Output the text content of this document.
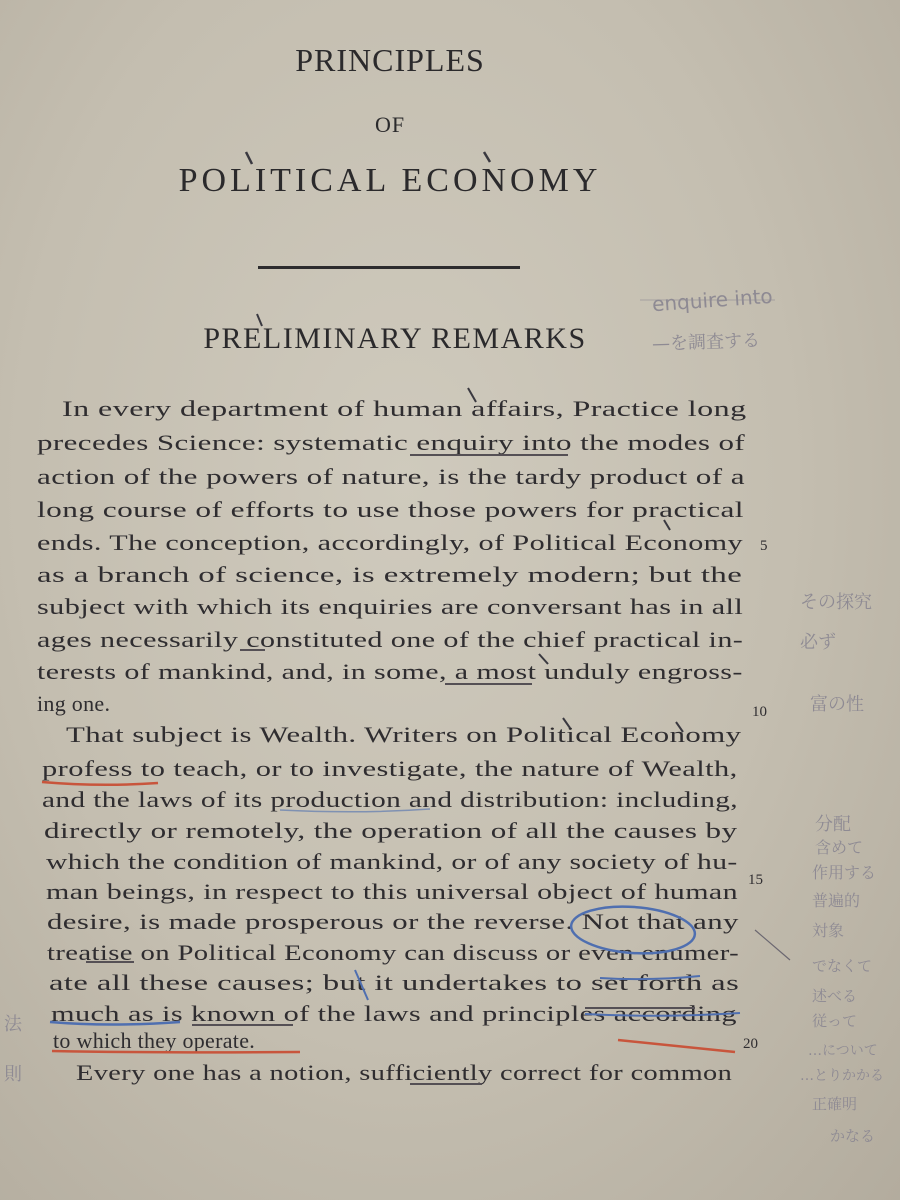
PRINCIPLES
OF
POLITICAL ECONOMY
PRELIMINARY REMARKS
In every department of human affairs, Practice long
precedes Science: systematic enquiry into the modes of
action of the powers of nature, is the tardy product of a
long course of efforts to use those powers for practical
ends. The conception, accordingly, of Political Economy
as a branch of science, is extremely modern; but the
subject with which its enquiries are conversant has in all
ages necessarily constituted one of the chief practical in-
terests of mankind, and, in some, a most unduly engross-
ing one.
That subject is Wealth. Writers on Political Economy
profess to teach, or to investigate, the nature of Wealth,
and the laws of its production and distribution: including,
directly or remotely, the operation of all the causes by
which the condition of mankind, or of any society of hu-
man beings, in respect to this universal object of human
desire, is made prosperous or the reverse. Not that any
treatise on Political Economy can discuss or even enumer-
ate all these causes; but it undertakes to set forth as
much as is known of the laws and principles according
to which they operate.
Every one has a notion, sufficiently correct for common
5
10
15
20
enquire into
—を調査する
その探究
必ず
富の性
分配
含めて
作用する
普遍的
対象
でなくて
述べる
従って
…について
…とりかかる
正確明
かなる
法
則
